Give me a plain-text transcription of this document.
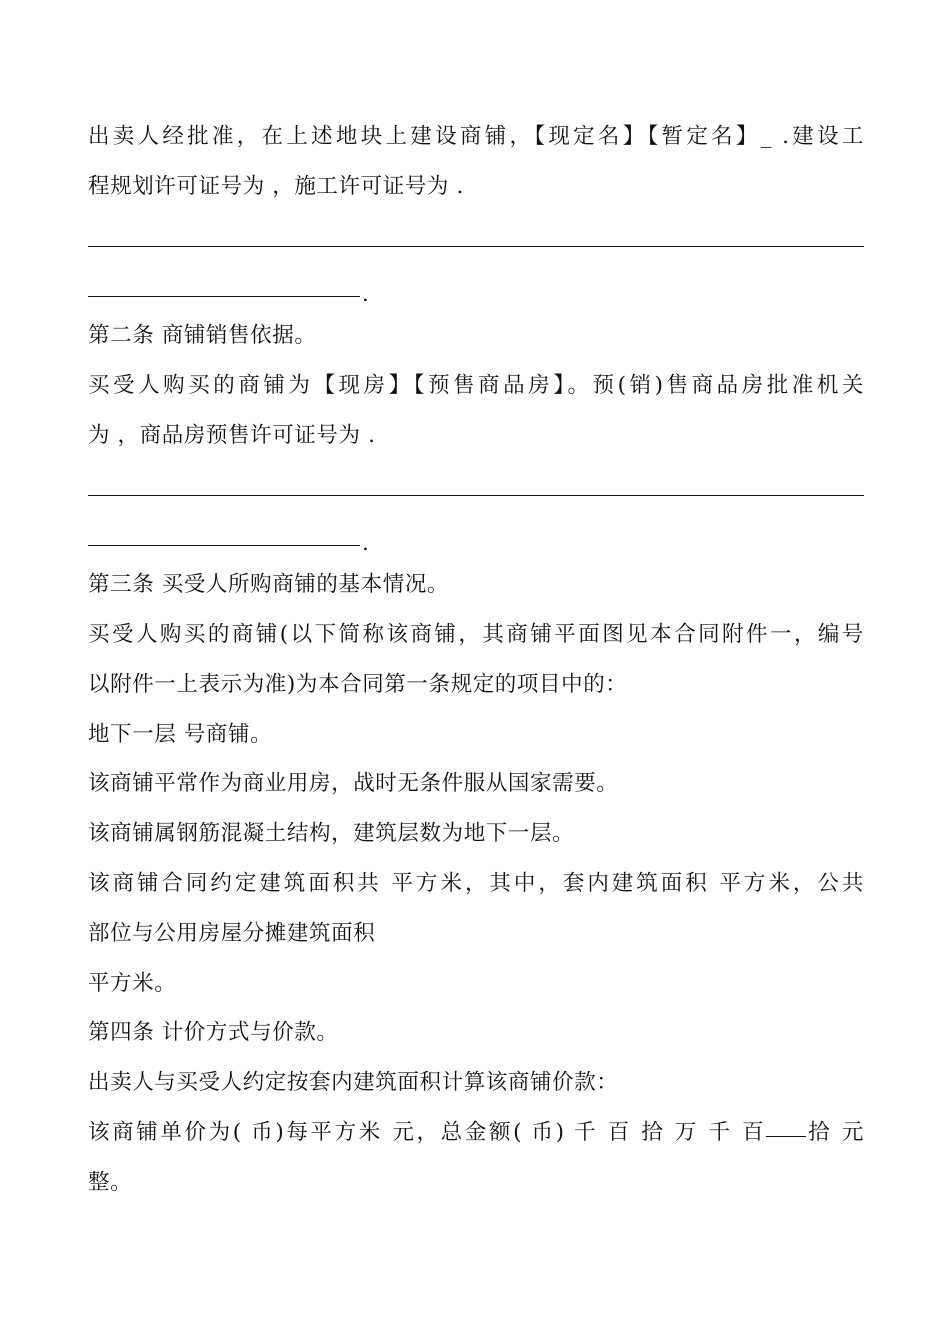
出卖人经批准，在上述地块上建设商铺，【现定名】【暂定名】_ .建设工
程规划许可证号为 ，施工许可证号为 .
.
第二条 商铺销售依据。
买受人购买的商铺为【现房】【预售商品房】。预(销)售商品房批准机关
为 ，商品房预售许可证号为 .
.
第三条 买受人所购商铺的基本情况。
买受人购买的商铺(以下简称该商铺，其商铺平面图见本合同附件一，编号
以附件一上表示为准)为本合同第一条规定的项目中的：
地下一层 号商铺。
该商铺平常作为商业用房，战时无条件服从国家需要。
该商铺属钢筋混凝土结构，建筑层数为地下一层。
该商铺合同约定建筑面积共 平方米，其中，套内建筑面积 平方米，公共
部位与公用房屋分摊建筑面积
平方米。
第四条 计价方式与价款。
出卖人与买受人约定按套内建筑面积计算该商铺价款：
该商铺单价为( 币)每平方米 元，总金额( 币) 千 百 拾 万 千 百 拾 元
整。
